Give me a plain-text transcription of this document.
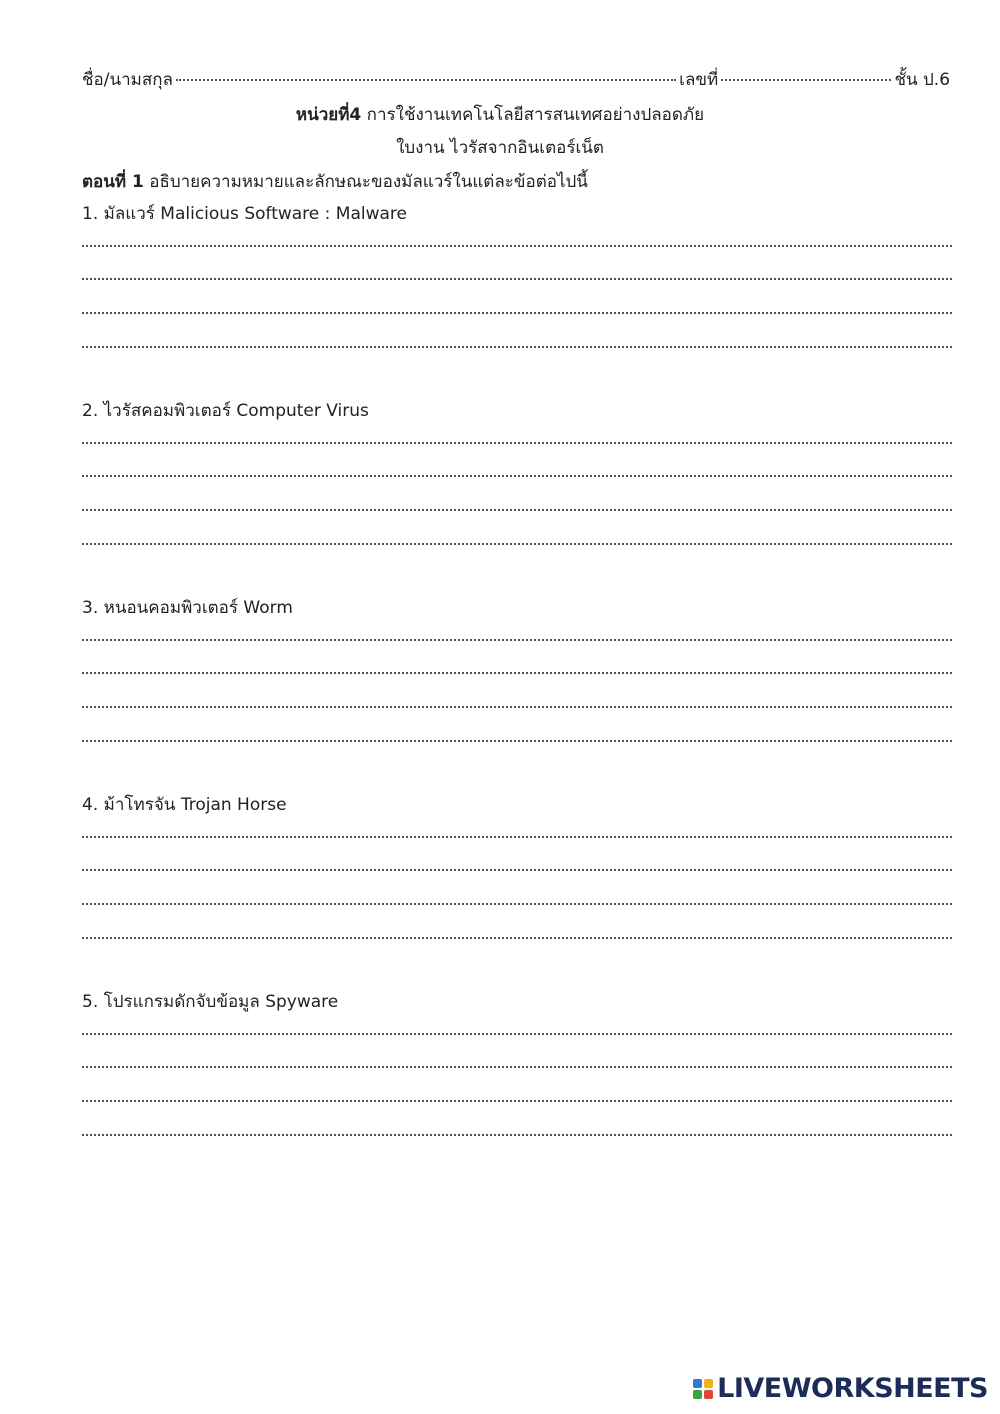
ชื่อ/นามสกุล	เลขที่	ชั้น ป.6
หน่วยที่4 การใช้งานเทคโนโลยีสารสนเทศอย่างปลอดภัย
ใบงาน ไวรัสจากอินเตอร์เน็ต
ตอนที่ 1 อธิบายความหมายและลักษณะของมัลแวร์ในแต่ละข้อต่อไปนี้
1. มัลแวร์ Malicious Software : Malware
2. ไวรัสคอมพิวเตอร์ Computer Virus
3. หนอนคอมพิวเตอร์ Worm
4. ม้าโทรจัน Trojan Horse
5. โปรแกรมดักจับข้อมูล Spyware
LIVEWORKSHEETS
